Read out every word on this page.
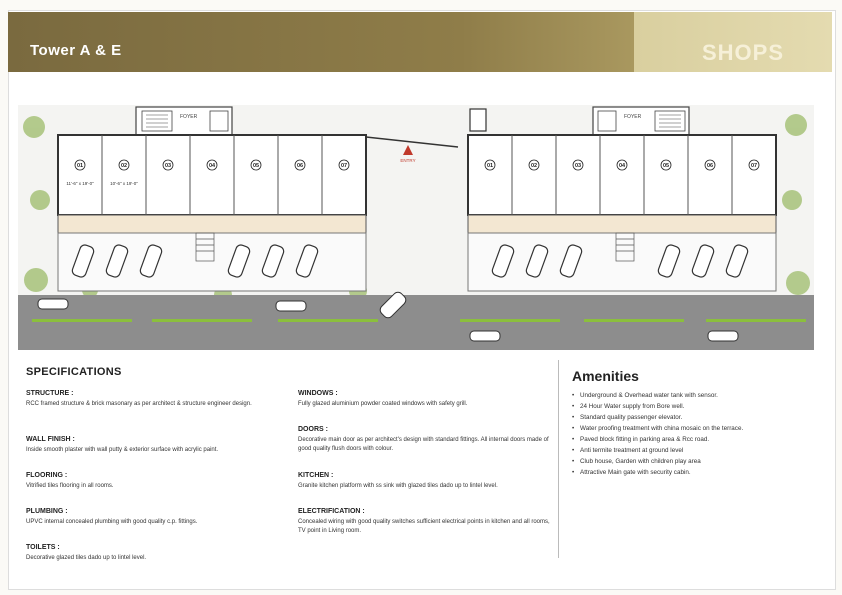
Tower A & E	SHOPS
FOYER
01	02	03	04	05	06	07
11'-6" x 19'-0"	10'-6" x 19'-0"
ENTRY
FOYER
01	02	03	04	05	06	07
SPECIFICATIONS
STRUCTURE :
RCC framed structure & brick masonary as per architect & structure engineer design.
WALL FINISH :
Inside smooth plaster with wall putty & exterior surface with acrylic paint.
FLOORING :
Vitrified tiles flooring in all rooms.
PLUMBING :
UPVC internal concealed plumbing with good quality c.p. fittings.
TOILETS :
Decorative glazed tiles dado up to lintel level.
WINDOWS :
Fully glazed aluminium powder coated windows with safety grill.
DOORS :
Decorative main door as per architect's design with standard fittings. All internal doors made of good quality flush doors with colour.
KITCHEN :
Granite kitchen platform with ss sink with glazed tiles dado up to lintel level.
ELECTRIFICATION :
Concealed wiring with good quality switches sufficient electrical points in kitchen and all rooms, TV point in Living room.
Amenities
• Underground & Overhead water tank with sensor.
• 24 Hour Water supply from Bore well.
• Standard quality passenger elevator.
• Water proofing treatment with china mosaic on the terrace.
• Paved block fitting in parking area & Rcc road.
• Anti termite treatment at ground level
• Club house, Garden with children play area
• Attractive Main gate with security cabin.
